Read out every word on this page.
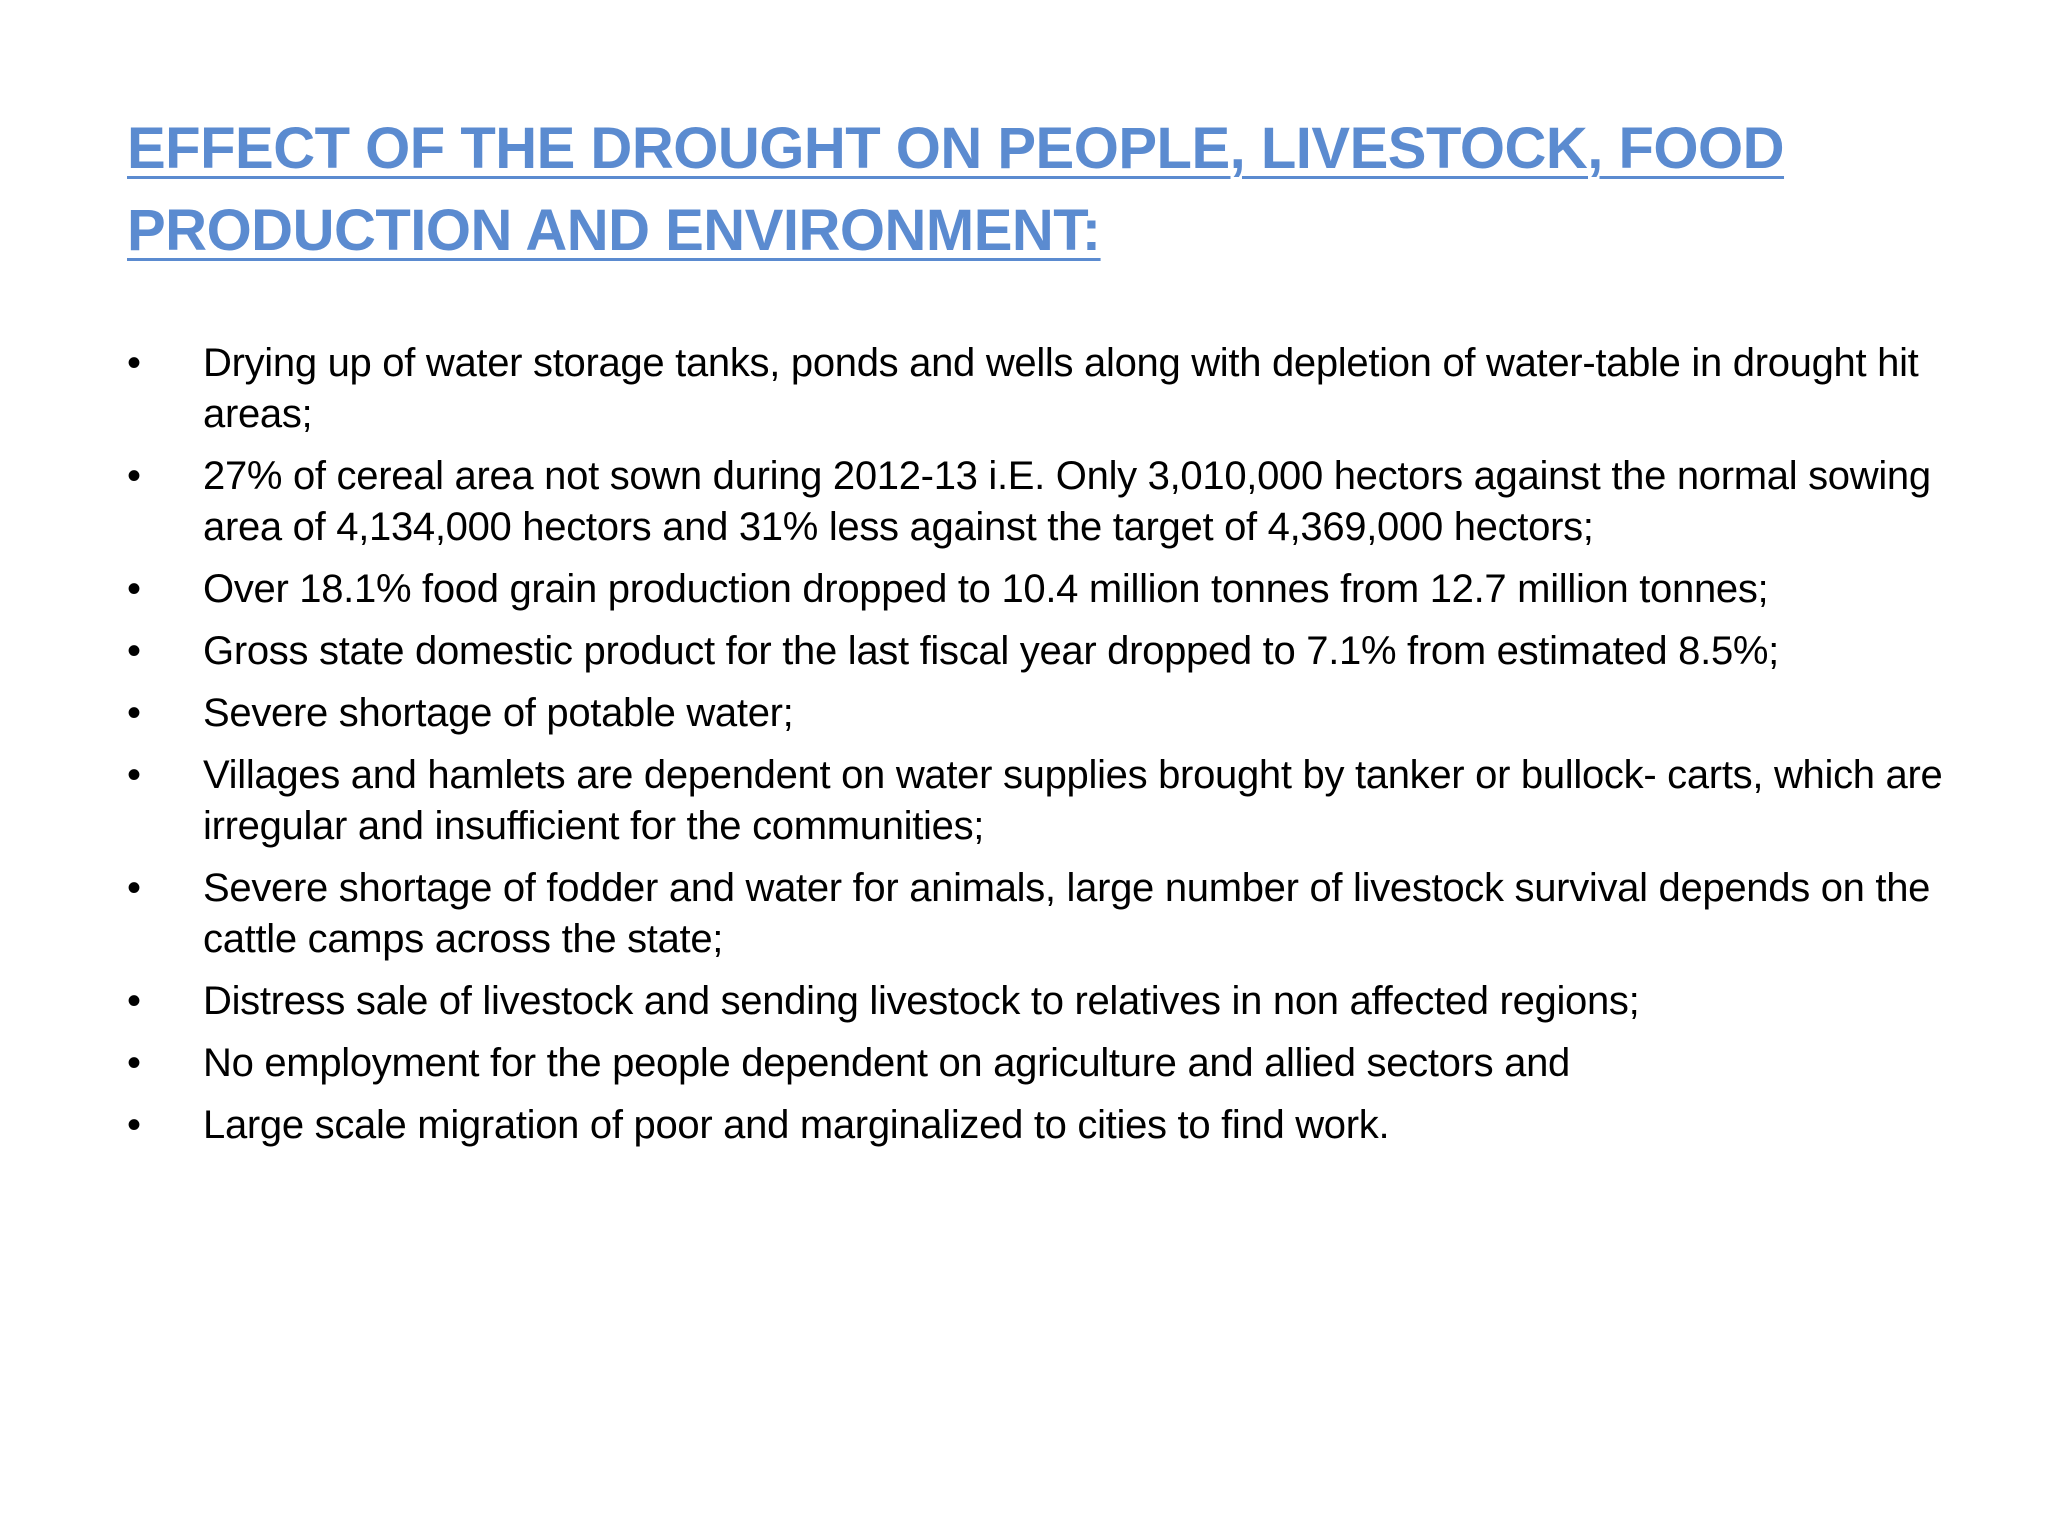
EFFECT OF THE DROUGHT ON PEOPLE, LIVESTOCK, FOOD
PRODUCTION AND ENVIRONMENT:
•	Drying up of water storage tanks, ponds and wells along with depletion of water-table in drought hit areas;
•	27% of cereal area not sown during 2012-13 i.E. Only 3,010,000 hectors against the normal sowing area of 4,134,000 hectors and 31% less against the target of 4,369,000 hectors;
•	Over 18.1% food grain production dropped to 10.4 million tonnes from 12.7 million tonnes;
•	Gross state domestic product for the last fiscal year dropped to 7.1% from estimated 8.5%;
•	Severe shortage of potable water;
•	Villages and hamlets are dependent on water supplies brought by tanker or bullock- carts, which are irregular and insufficient for the communities;
•	Severe shortage of fodder and water for animals, large number of livestock survival depends on the cattle camps across the state;
•	Distress sale of livestock and sending livestock to relatives in non affected regions;
•	No employment for the people dependent on agriculture and allied sectors and
•	Large scale migration of poor and marginalized to cities to find work.
